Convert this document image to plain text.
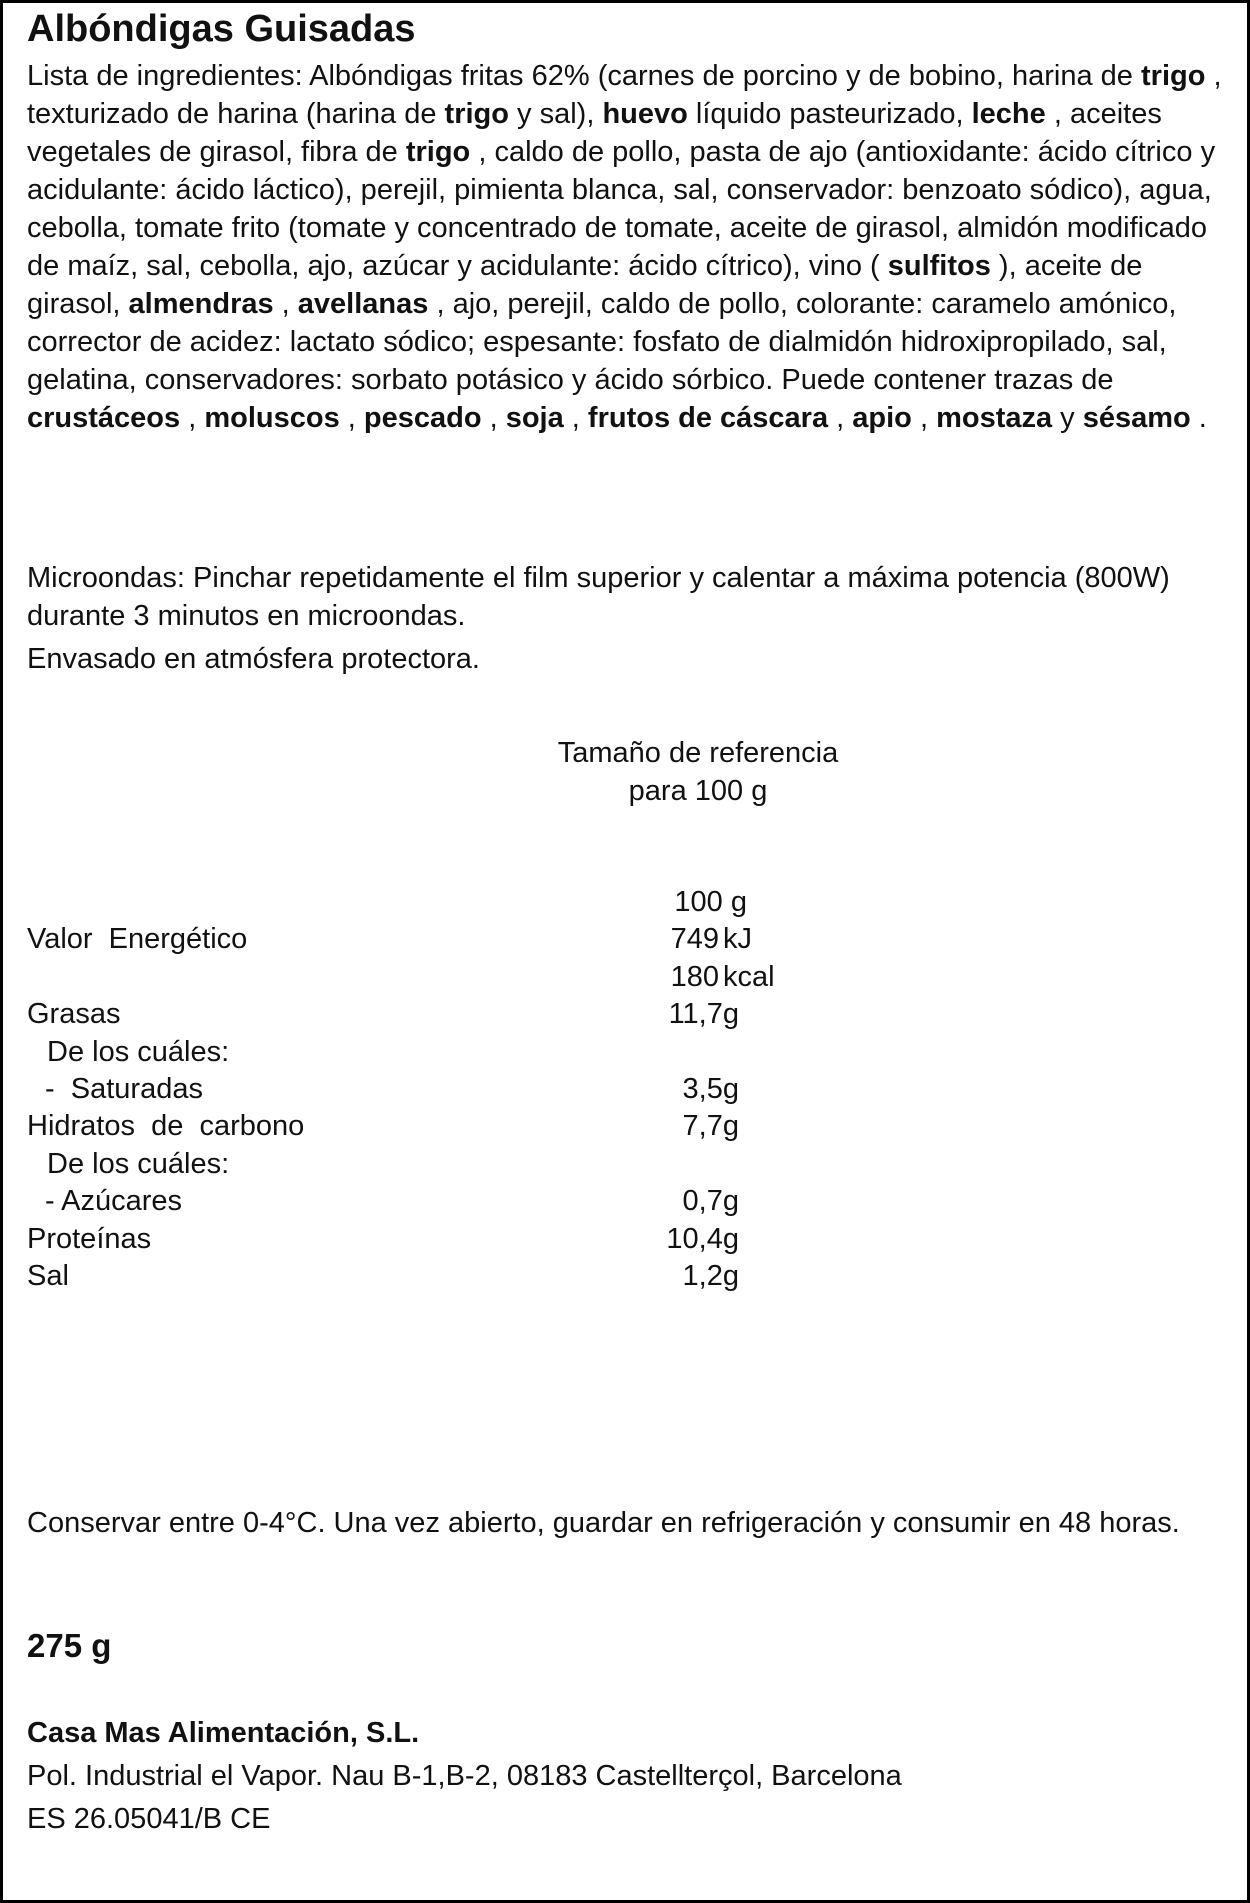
Albóndigas Guisadas

Lista de ingredientes: Albóndigas fritas 62% (carnes de porcino y de bobino, harina de trigo , texturizado de harina (harina de trigo y sal), huevo líquido pasteurizado, leche , aceites vegetales de girasol, fibra de trigo , caldo de pollo, pasta de ajo (antioxidante: ácido cítrico y acidulante: ácido láctico), perejil, pimienta blanca, sal, conservador: benzoato sódico), agua, cebolla, tomate frito (tomate y concentrado de tomate, aceite de girasol, almidón modificado de maíz, sal, cebolla, ajo, azúcar y acidulante: ácido cítrico), vino ( sulfitos ), aceite de girasol, almendras , avellanas , ajo, perejil, caldo de pollo, colorante: caramelo amónico, corrector de acidez: lactato sódico; espesante: fosfato de dialmidón hidroxipropilado, sal, gelatina, conservadores: sorbato potásico y ácido sórbico. Puede contener trazas de crustáceos , moluscos , pescado , soja , frutos de cáscara , apio , mostaza y sésamo .

Microondas: Pinchar repetidamente el film superior y calentar a máxima potencia (800W) durante 3 minutos en microondas.

Envasado en atmósfera protectora.

Tamaño de referencia
para 100 g
100 g
Valor  Energético	749 kJ
180 kcal
Grasas	11,7g
De los cuáles:
-  Saturadas	3,5g
Hidratos  de  carbono	7,7g
De los cuáles:
- Azúcares	0,7g
Proteínas	10,4g
Sal	1,2g

Conservar entre 0-4°C. Una vez abierto, guardar en refrigeración y consumir en 48 horas.

275 g

Casa Mas Alimentación, S.L.

Pol. Industrial el Vapor. Nau B-1,B-2, 08183 Castellterçol, Barcelona

ES 26.05041/B CE
